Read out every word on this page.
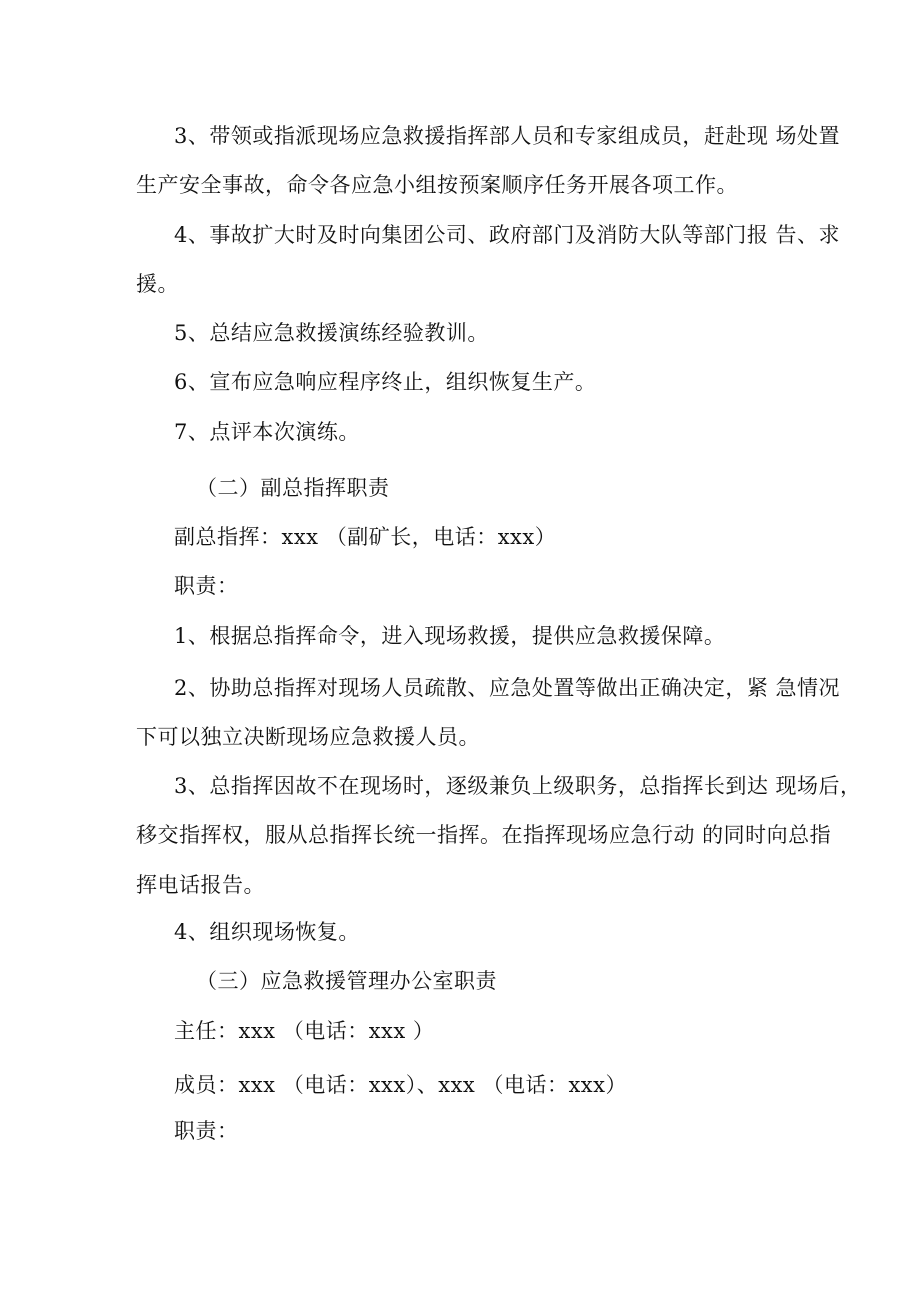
3、带领或指派现场应急救援指挥部人员和专家组成员，赶赴现 场处置
生产安全事故，命令各应急小组按预案顺序任务开展各项工作。
4、事故扩大时及时向集团公司、政府部门及消防大队等部门报 告、求
援。
5、总结应急救援演练经验教训。
6、宣布应急响应程序终止，组织恢复生产。
7、点评本次演练。
（二）副总指挥职责
副总指挥：xxx （副矿长，电话：xxx）
职责：
1、根据总指挥命令，进入现场救援，提供应急救援保障。
2、协助总指挥对现场人员疏散、应急处置等做出正确决定，紧 急情况
下可以独立决断现场应急救援人员。
3、总指挥因故不在现场时，逐级兼负上级职务，总指挥长到达 现场后，
移交指挥权，服从总指挥长统一指挥。在指挥现场应急行动 的同时向总指
挥电话报告。
4、组织现场恢复。
（三）应急救援管理办公室职责
主任：xxx （电话：xxx ）
成员：xxx （电话：xxx）、xxx （电话：xxx）
职责：
